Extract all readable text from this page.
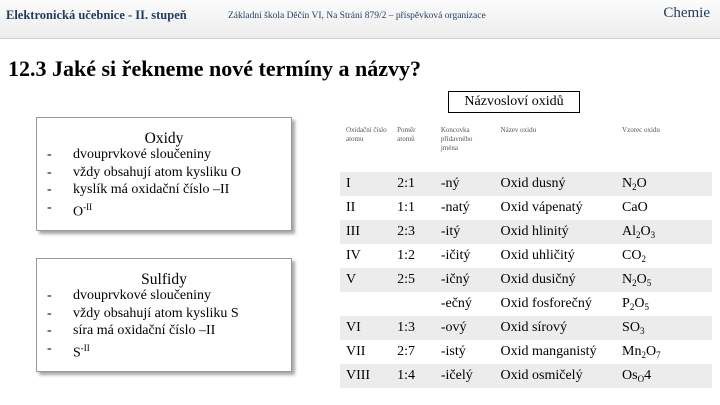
Elektronická učebnice - II. stupeň	Základní škola Děčín VI, Na Stráni 879/2 – příspěvková organizace	Chemie
12.3 Jaké si řekneme nové termíny a názvy?
Názvosloví oxidů
Oxidy
- dvouprvkové sloučeniny
- vždy obsahují atom kysliku O
- kyslík má oxidační číslo –II
- $O^{-II}$
Sulfidy
- dvouprvkové sloučeniny
- vždy obsahují atom kysliku S
- síra má oxidační číslo –II
- $S^{-II}$
Oxidační číslo atomu	Poměr atomů	Koncovka přídavného jména	Název oxidu	Vzorec oxidu
I	2:1	-ný	Oxid dusný	$N_2O$
II	1:1	-natý	Oxid vápenatý	CaO
III	2:3	-itý	Oxid hlinitý	$Al_2O_3$
IV	1:2	-ičitý	Oxid uhličitý	$CO_2$
V	2:5	-ičný	Oxid dusičný	$N_2O_5$
		-ečný	Oxid fosforečný	$P_2O_5$
VI	1:3	-ový	Oxid sírový	$SO_3$
VII	2:7	-istý	Oxid manganistý	$Mn_2O_7$
VIII	1:4	-ičelý	Oxid osmičelý	$Os_O4$
